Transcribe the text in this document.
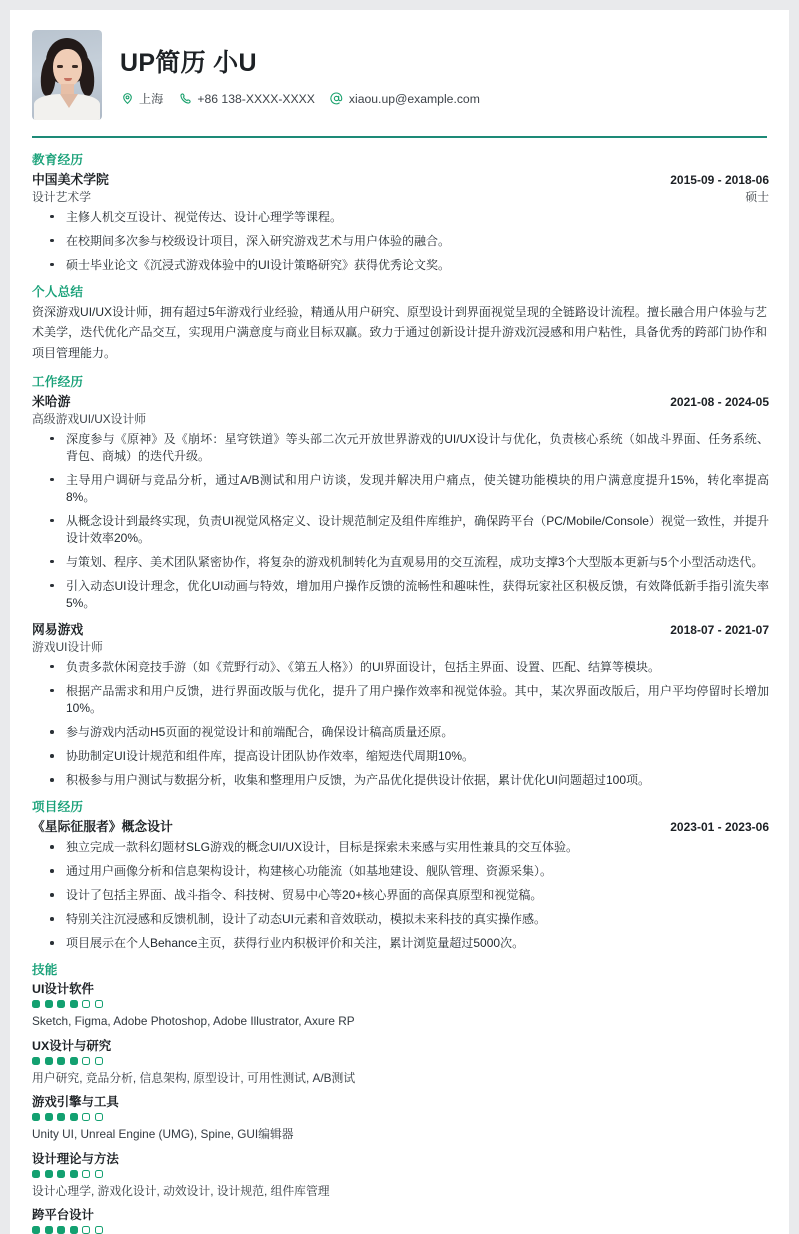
UP简历 小U
上海	+86 138-XXXX-XXXX	xiaou.up@example.com
教育经历
中国美术学院	2015-09 - 2018-06
设计艺术学	硕士
主修人机交互设计、视觉传达、设计心理学等课程。
在校期间多次参与校级设计项目，深入研究游戏艺术与用户体验的融合。
硕士毕业论文《沉浸式游戏体验中的UI设计策略研究》获得优秀论文奖。
个人总结
资深游戏UI/UX设计师，拥有超过5年游戏行业经验，精通从用户研究、原型设计到界面视觉呈现的全链路设计流程。擅长融合用户体验与艺术美学，迭代优化产品交互，实现用户满意度与商业目标双赢。致力于通过创新设计提升游戏沉浸感和用户粘性，具备优秀的跨部门协作和项目管理能力。
工作经历
米哈游	2021-08 - 2024-05
高级游戏UI/UX设计师
深度参与《原神》及《崩坏：星穹铁道》等头部二次元开放世界游戏的UI/UX设计与优化，负责核心系统（如战斗界面、任务系统、背包、商城）的迭代升级。
主导用户调研与竞品分析，通过A/B测试和用户访谈，发现并解决用户痛点，使关键功能模块的用户满意度提升15%，转化率提高8%。
从概念设计到最终实现，负责UI视觉风格定义、设计规范制定及组件库维护，确保跨平台（PC/Mobile/Console）视觉一致性，并提升设计效率20%。
与策划、程序、美术团队紧密协作，将复杂的游戏机制转化为直观易用的交互流程，成功支撑3个大型版本更新与5个小型活动迭代。
引入动态UI设计理念，优化UI动画与特效，增加用户操作反馈的流畅性和趣味性，获得玩家社区积极反馈，有效降低新手指引流失率5%。
网易游戏	2018-07 - 2021-07
游戏UI设计师
负责多款休闲竞技手游（如《荒野行动》、《第五人格》）的UI界面设计，包括主界面、设置、匹配、结算等模块。
根据产品需求和用户反馈，进行界面改版与优化，提升了用户操作效率和视觉体验。其中，某次界面改版后，用户平均停留时长增加10%。
参与游戏内活动H5页面的视觉设计和前端配合，确保设计稿高质量还原。
协助制定UI设计规范和组件库，提高设计团队协作效率，缩短迭代周期10%。
积极参与用户测试与数据分析，收集和整理用户反馈，为产品优化提供设计依据，累计优化UI问题超过100项。
项目经历
《星际征服者》概念设计	2023-01 - 2023-06
独立完成一款科幻题材SLG游戏的概念UI/UX设计，目标是探索未来感与实用性兼具的交互体验。
通过用户画像分析和信息架构设计，构建核心功能流（如基地建设、舰队管理、资源采集）。
设计了包括主界面、战斗指令、科技树、贸易中心等20+核心界面的高保真原型和视觉稿。
特别关注沉浸感和反馈机制，设计了动态UI元素和音效联动，模拟未来科技的真实操作感。
项目展示在个人Behance主页，获得行业内积极评价和关注，累计浏览量超过5000次。
技能
UI设计软件
Sketch, Figma, Adobe Photoshop, Adobe Illustrator, Axure RP
UX设计与研究
用户研究, 竞品分析, 信息架构, 原型设计, 可用性测试, A/B测试
游戏引擎与工具
Unity UI, Unreal Engine (UMG), Spine, GUI编辑器
设计理论与方法
设计心理学, 游戏化设计, 动效设计, 设计规范, 组件库管理
跨平台设计
